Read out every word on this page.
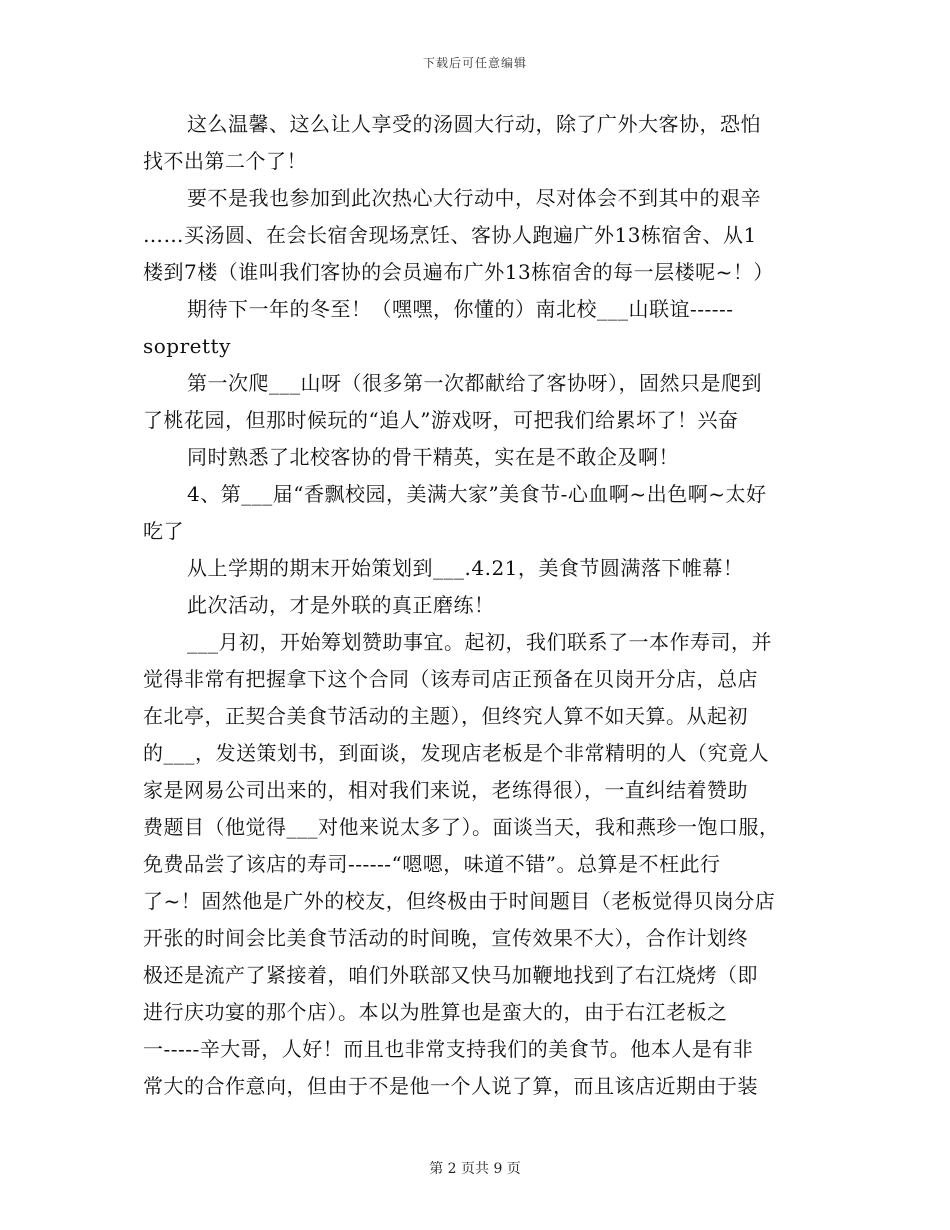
下载后可任意编辑
这么温馨、这么让人享受的汤圆大行动，除了广外大客协，恐怕
找不出第二个了！
要不是我也参加到此次热心大行动中，尽对体会不到其中的艰辛
……买汤圆、在会长宿舍现场烹饪、客协人跑遍广外13栋宿舍、从1
楼到7楼（谁叫我们客协的会员遍布广外13栋宿舍的每一层楼呢~！）
期待下一年的冬至！（嘿嘿，你懂的）南北校___山联谊------
sopretty
第一次爬___山呀（很多第一次都献给了客协呀），固然只是爬到
了桃花园，但那时候玩的“追人”游戏呀，可把我们给累坏了！兴奋
同时熟悉了北校客协的骨干精英，实在是不敢企及啊！
4、第___届“香飘校园，美满大家”美食节-心血啊~出色啊~太好
吃了
从上学期的期末开始策划到___.4.21，美食节圆满落下帷幕！
此次活动，才是外联的真正磨练！
___月初，开始筹划赞助事宜。起初，我们联系了一本作寿司，并
觉得非常有把握拿下这个合同（该寿司店正预备在贝岗开分店，总店
在北亭，正契合美食节活动的主题），但终究人算不如天算。从起初
的___，发送策划书，到面谈，发现店老板是个非常精明的人（究竟人
家是网易公司出来的，相对我们来说，老练得很），一直纠结着赞助
费题目（他觉得___对他来说太多了）。面谈当天，我和燕珍一饱口服，
免费品尝了该店的寿司------“嗯嗯，味道不错”。总算是不枉此行
了~！固然他是广外的校友，但终极由于时间题目（老板觉得贝岗分店
开张的时间会比美食节活动的时间晚，宣传效果不大），合作计划终
极还是流产了紧接着，咱们外联部又快马加鞭地找到了右江烧烤（即
进行庆功宴的那个店）。本以为胜算也是蛮大的，由于右江老板之
一-----辛大哥，人好！而且也非常支持我们的美食节。他本人是有非
常大的合作意向，但由于不是他一个人说了算，而且该店近期由于装
第 2 页共 9 页
